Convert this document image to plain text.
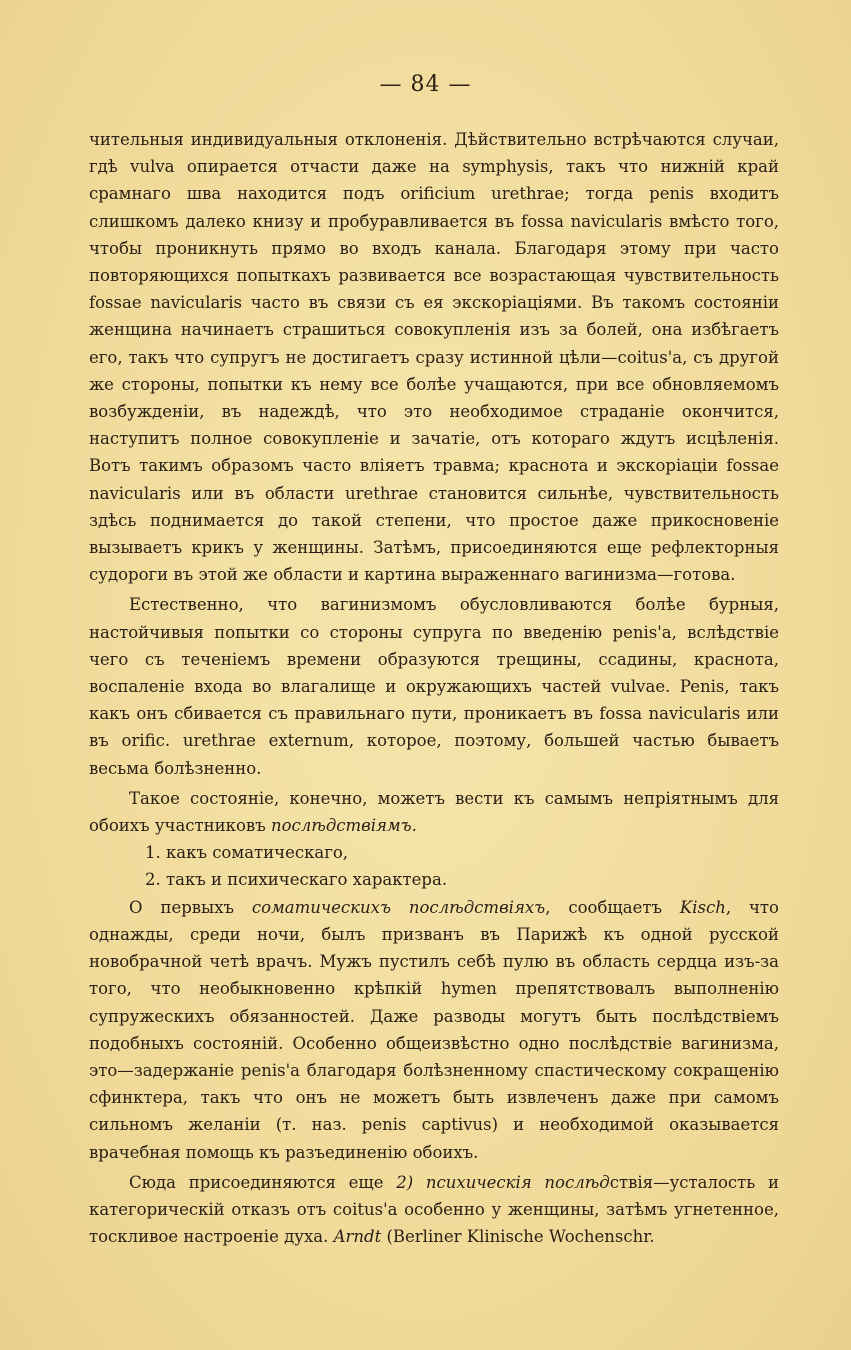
— 84 —

чительныя индивидуальныя отклоненія. Дѣйствительно встрѣчаются случаи, гдѣ vulva опирается отчасти даже на symphysis, такъ что нижній край срамнаго шва находится подъ orificium urethrae; тогда penis входитъ слишкомъ далеко книзу и пробуравливается въ fossa navicularis вмѣсто того, чтобы проникнуть прямо во входъ канала. Благодаря этому при часто повторяющихся попыткахъ развивается все возрастающая чувствительность fossae navicularis часто въ связи съ ея экскоріаціями. Въ такомъ состояніи женщина начинаетъ страшиться совокупленія изъ за болей, она избѣгаетъ его, такъ что супругъ не достигаетъ сразу истинной цѣли—coitus'а, съ другой же стороны, попытки къ нему все болѣе учащаются, при все обновляемомъ возбужденіи, въ надеждѣ, что это необходимое страданіе окончится, наступитъ полное совокупленіе и зачатіе, отъ котораго ждутъ исцѣленія. Вотъ такимъ образомъ часто вліяетъ травма; краснота и экскоріаціи fossae navicularis или въ области urethrae становится сильнѣе, чувствительность здѣсь поднимается до такой степени, что простое даже прикосновеніе вызываетъ крикъ у женщины. Затѣмъ, присоединяются еще рефлекторныя судороги въ этой же области и картина выраженнаго вагинизма—готова.

Естественно, что вагинизмомъ обусловливаются болѣе бурныя, настойчивыя попытки со стороны супруга по введенію penis'а, вслѣдствіе чего съ теченіемъ времени образуются трещины, ссадины, краснота, воспаленіе входа во влагалище и окружающихъ частей vulvae. Penis, такъ какъ онъ сбивается съ правильнаго пути, проникаетъ въ fossa navicularis или въ orific. urethrae externum, которое, поэтому, большей частью бываетъ весьма болѣзненно.

Такое состояніе, конечно, можетъ вести къ самымъ непріятнымъ для обоихъ участниковъ послѣдствіямъ.

1. какъ соматическаго,

2. такъ и психическаго характера.

О первыхъ соматическихъ послѣдствіяхъ, сообщаетъ Kisch, что однажды, среди ночи, былъ призванъ въ Парижѣ къ одной русской новобрачной четѣ врачъ. Мужъ пустилъ себѣ пулю въ область сердца изъ-за того, что необыкновенно крѣпкій hymen препятствовалъ выполненію супружескихъ обязанностей. Даже разводы могутъ быть послѣдствіемъ подобныхъ состояній. Особенно общеизвѣстно одно послѣдствіе вагинизма, это—задержаніе penis'а благодаря болѣзненному спастическому сокращенію сфинктера, такъ что онъ не можетъ быть извлеченъ даже при самомъ сильномъ желаніи (т. наз. penis captivus) и необходимой оказывается врачебная помощь къ разъединенію обоихъ.

Сюда присоединяются еще 2) психическія послѣдствія—усталость и категорическій отказъ отъ coitus'а особенно у женщины, затѣмъ угнетенное, тоскливое настроеніе духа. Arndt (Berliner Klinische Wochenschr.
